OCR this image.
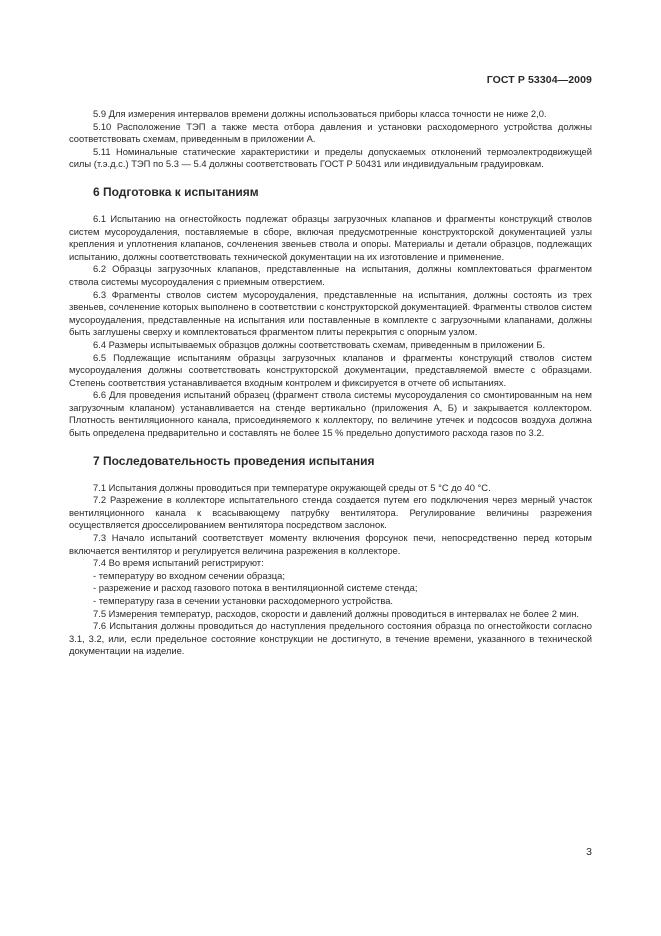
ГОСТ Р 53304—2009

5.9 Для измерения интервалов времени должны использоваться приборы класса точности не ниже 2,0.

5.10 Расположение ТЭП а также места отбора давления и установки расходомерного устройства должны соответствовать схемам, приведенным в приложении А.

5.11 Номинальные статические характеристики и пределы допускаемых отклонений термоэлектродвижущей силы (т.э.д.с.) ТЭП по 5.3 — 5.4 должны соответствовать ГОСТ Р 50431 или индивидуальным градуировкам.

6 Подготовка к испытаниям

6.1 Испытанию на огнестойкость подлежат образцы загрузочных клапанов и фрагменты конструкций стволов систем мусороудаления, поставляемые в сборе, включая предусмотренные конструкторской документацией узлы крепления и уплотнения клапанов, сочленения звеньев ствола и опоры. Материалы и детали образцов, подлежащих испытанию, должны соответствовать технической документации на их изготовление и применение.

6.2 Образцы загрузочных клапанов, представленные на испытания, должны комплектоваться фрагментом ствола системы мусороудаления с приемным отверстием.

6.3 Фрагменты стволов систем мусороудаления, представленные на испытания, должны состоять из трех звеньев, сочленение которых выполнено в соответствии с конструкторской документацией. Фрагменты стволов систем мусороудаления, представленные на испытания или поставленные в комплекте с загрузочными клапанами, должны быть заглушены сверху и комплектоваться фрагментом плиты перекрытия с опорным узлом.

6.4 Размеры испытываемых образцов должны соответствовать схемам, приведенным в приложении Б.

6.5 Подлежащие испытаниям образцы загрузочных клапанов и фрагменты конструкций стволов систем мусороудаления должны соответствовать конструкторской документации, представляемой вместе с образцами. Степень соответствия устанавливается входным контролем и фиксируется в отчете об испытаниях.

6.6 Для проведения испытаний образец (фрагмент ствола системы мусороудаления со смонтированным на нем загрузочным клапаном) устанавливается на стенде вертикально (приложения А, Б) и закрывается коллектором. Плотность вентиляционного канала, присоединяемого к коллектору, по величине утечек и подсосов воздуха должна быть определена предварительно и составлять не более 15 % предельно допустимого расхода газов по 3.2.

7 Последовательность проведения испытания

7.1 Испытания должны проводиться при температуре окружающей среды от 5 °С до 40 °С.

7.2 Разрежение в коллекторе испытательного стенда создается путем его подключения через мерный участок вентиляционного канала к всасывающему патрубку вентилятора. Регулирование величины разрежения осуществляется дросселированием вентилятора посредством заслонок.

7.3 Начало испытаний соответствует моменту включения форсунок печи, непосредственно перед которым включается вентилятор и регулируется величина разрежения в коллекторе.

7.4 Во время испытаний регистрируют:

- температуру во входном сечении образца;

- разрежение и расход газового потока в вентиляционной системе стенда;

- температуру газа в сечении установки расходомерного устройства.

7.5 Измерения температур, расходов, скорости и давлений должны проводиться в интервалах не более 2 мин.

7.6 Испытания должны проводиться до наступления предельного состояния образца по огнестойкости согласно 3.1, 3.2, или, если предельное состояние конструкции не достигнуто, в течение времени, указанного в технической документации на изделие.

3
